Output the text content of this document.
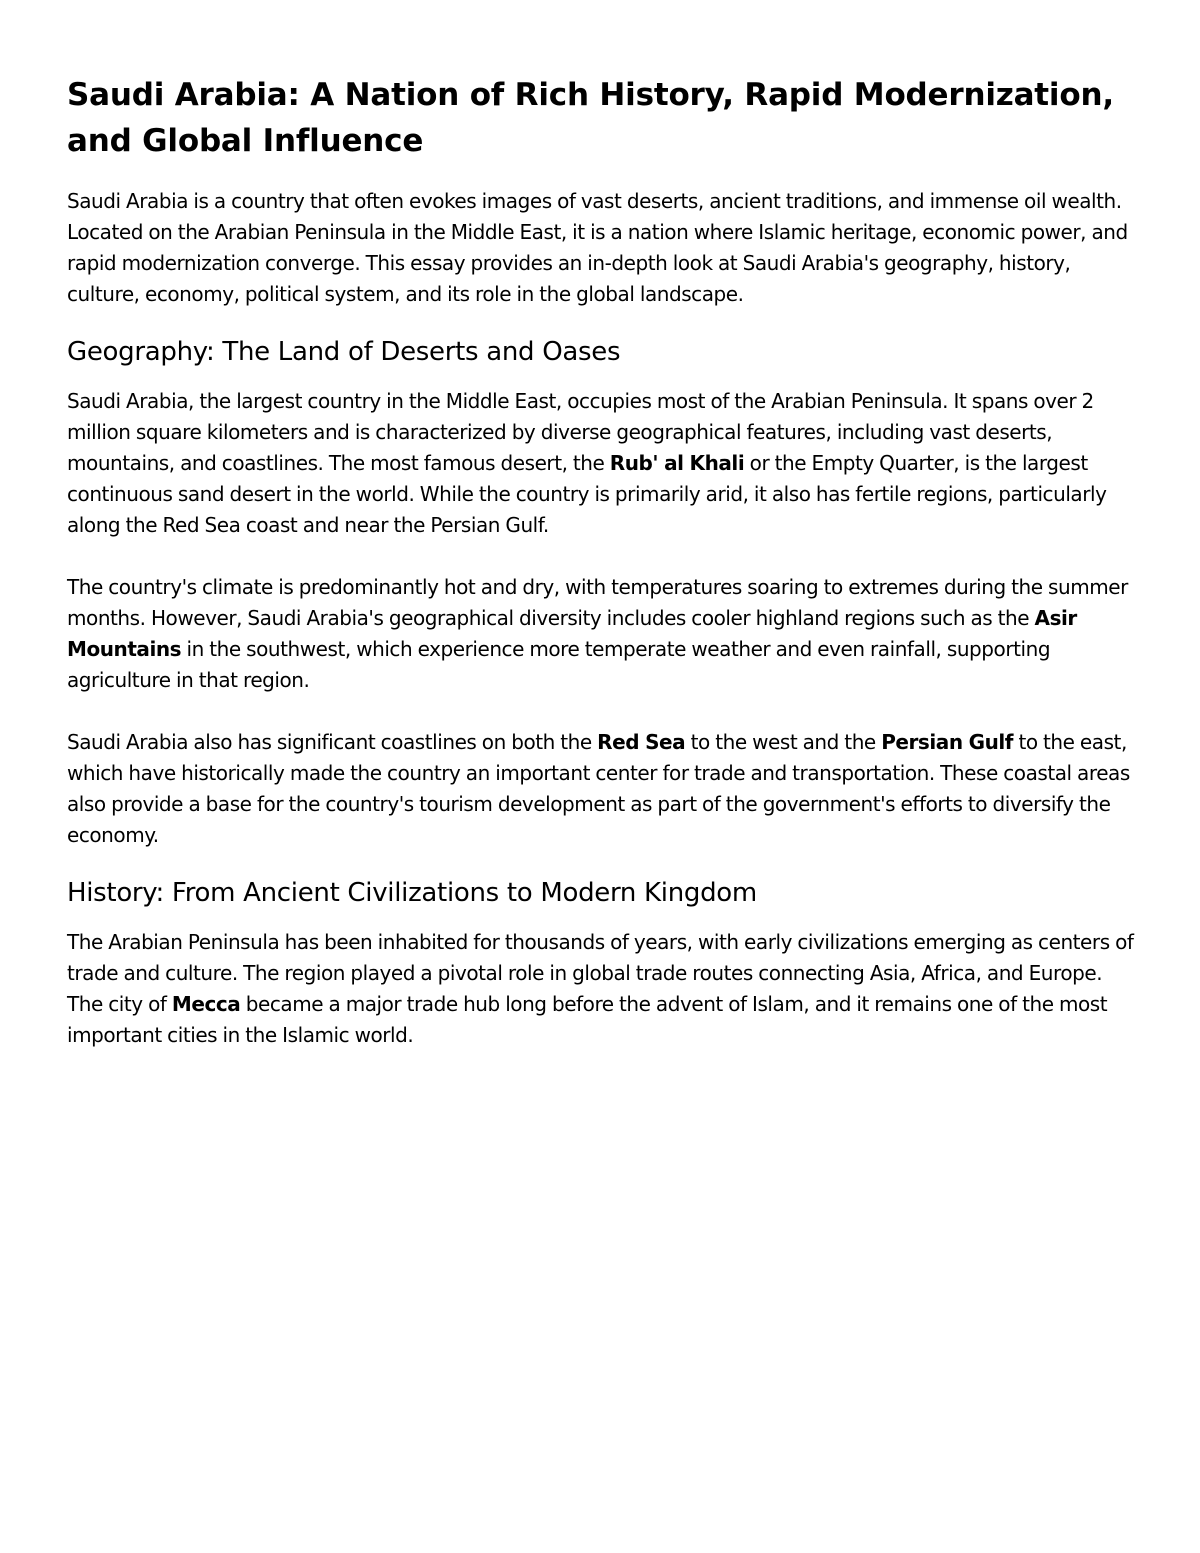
Saudi Arabia: A Nation of Rich History, Rapid Modernization, and Global Influence

Saudi Arabia is a country that often evokes images of vast deserts, ancient traditions, and immense oil wealth. Located on the Arabian Peninsula in the Middle East, it is a nation where Islamic heritage, economic power, and rapid modernization converge. This essay provides an in-depth look at Saudi Arabia's geography, history, culture, economy, political system, and its role in the global landscape.

Geography: The Land of Deserts and Oases

Saudi Arabia, the largest country in the Middle East, occupies most of the Arabian Peninsula. It spans over 2 million square kilometers and is characterized by diverse geographical features, including vast deserts, mountains, and coastlines. The most famous desert, the Rub' al Khali or the Empty Quarter, is the largest continuous sand desert in the world. While the country is primarily arid, it also has fertile regions, particularly along the Red Sea coast and near the Persian Gulf.

The country's climate is predominantly hot and dry, with temperatures soaring to extremes during the summer months. However, Saudi Arabia's geographical diversity includes cooler highland regions such as the Asir Mountains in the southwest, which experience more temperate weather and even rainfall, supporting agriculture in that region.

Saudi Arabia also has significant coastlines on both the Red Sea to the west and the Persian Gulf to the east, which have historically made the country an important center for trade and transportation. These coastal areas also provide a base for the country's tourism development as part of the government's efforts to diversify the economy.

History: From Ancient Civilizations to Modern Kingdom

The Arabian Peninsula has been inhabited for thousands of years, with early civilizations emerging as centers of trade and culture. The region played a pivotal role in global trade routes connecting Asia, Africa, and Europe. The city of Mecca became a major trade hub long before the advent of Islam, and it remains one of the most important cities in the Islamic world.
